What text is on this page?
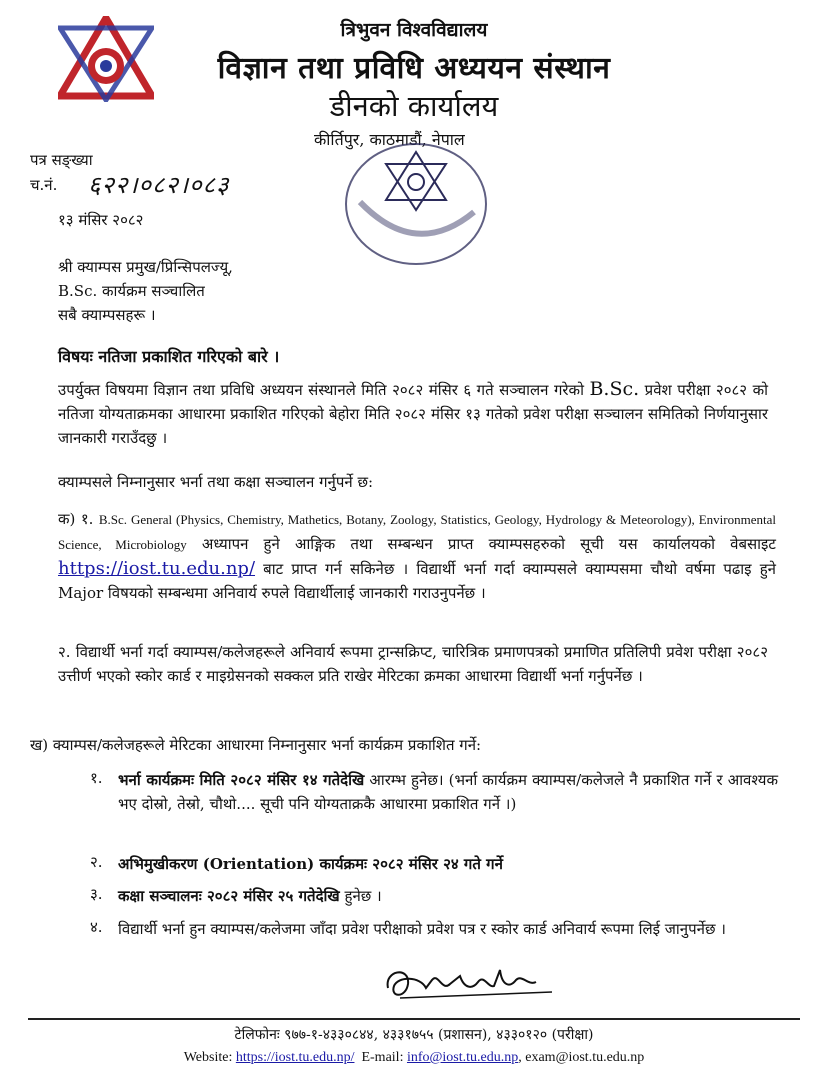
त्रिभुवन विश्वविद्यालय
विज्ञान तथा प्रविधि अध्ययन संस्थान
डीनको कार्यालय
कीर्तिपुर, काठमाडौं, नेपाल
पत्र सङ्ख्या
च.नं. ६२२।०८२।०८३
१३ मंसिर २०८२
श्री क्याम्पस प्रमुख/प्रिन्सिपलज्यू,
B.Sc. कार्यक्रम सञ्चालित
सबै क्याम्पसहरू ।
विषयः नतिजा प्रकाशित गरिएको बारे ।
उपर्युक्त विषयमा विज्ञान तथा प्रविधि अध्ययन संस्थानले मिति २०८२ मंसिर ६ गते सञ्चालन गरेको B.Sc. प्रवेश परीक्षा २०८२ को नतिजा योग्यताक्रमका आधारमा प्रकाशित गरिएको बेहोरा मिति २०८२ मंसिर १३ गतेको प्रवेश परीक्षा सञ्चालन समितिको निर्णयानुसार जानकारी गराउँदछु ।
क्याम्पसले निम्नानुसार भर्ना तथा कक्षा सञ्चालन गर्नुपर्ने छ:
क) १. B.Sc. General (Physics, Chemistry, Mathetics, Botany, Zoology, Statistics, Geology, Hydrology & Meteorology), Environmental Science, Microbiology अध्यापन हुने आङ्गिक तथा सम्बन्धन प्राप्त क्याम्पसहरुको सूची यस कार्यालयको वेबसाइट https://iost.tu.edu.np/ बाट प्राप्त गर्न सकिनेछ । विद्यार्थी भर्ना गर्दा क्याम्पसले क्याम्पसमा चौथो वर्षमा पढाइ हुने Major विषयको सम्बन्धमा अनिवार्य रुपले विद्यार्थीलाई जानकारी गराउनुपर्नेछ ।
२. विद्यार्थी भर्ना गर्दा क्याम्पस/कलेजहरूले अनिवार्य रूपमा ट्रान्सक्रिप्ट, चारित्रिक प्रमाणपत्रको प्रमाणित प्रतिलिपी प्रवेश परीक्षा २०८२ उत्तीर्ण भएको स्कोर कार्ड र माइग्रेसनको सक्कल प्रति राखेर मेरिटका क्रमका आधारमा विद्यार्थी भर्ना गर्नुपर्नेछ ।
ख) क्याम्पस/कलेजहरूले मेरिटका आधारमा निम्नानुसार भर्ना कार्यक्रम प्रकाशित गर्ने:
१. भर्ना कार्यक्रमः मिति २०८२ मंसिर १४ गतेदेखि आरम्भ हुनेछ। (भर्ना कार्यक्रम क्याम्पस/कलेजले नै प्रकाशित गर्ने र आवश्यक भए दोस्रो, तेस्रो, चौथो.... सूची पनि योग्यताक्रकै आधारमा प्रकाशित गर्ने ।)
२. अभिमुखीकरण (Orientation) कार्यक्रमः २०८२ मंसिर २४ गते गर्ने
३. कक्षा सञ्चालनः २०८२ मंसिर २५ गतेदेखि हुनेछ ।
४. विद्यार्थी भर्ना हुन क्याम्पस/कलेजमा जाँदा प्रवेश परीक्षाको प्रवेश पत्र र स्कोर कार्ड अनिवार्य रूपमा लिई जानुपर्नेछ ।
टेलिफोनः ९७७-१-४३३०८४४, ४३३१७५५ (प्रशासन), ४३३०१२० (परीक्षा)
Website: https://iost.tu.edu.np/ E-mail: info@iost.tu.edu.np, exam@iost.tu.edu.np
